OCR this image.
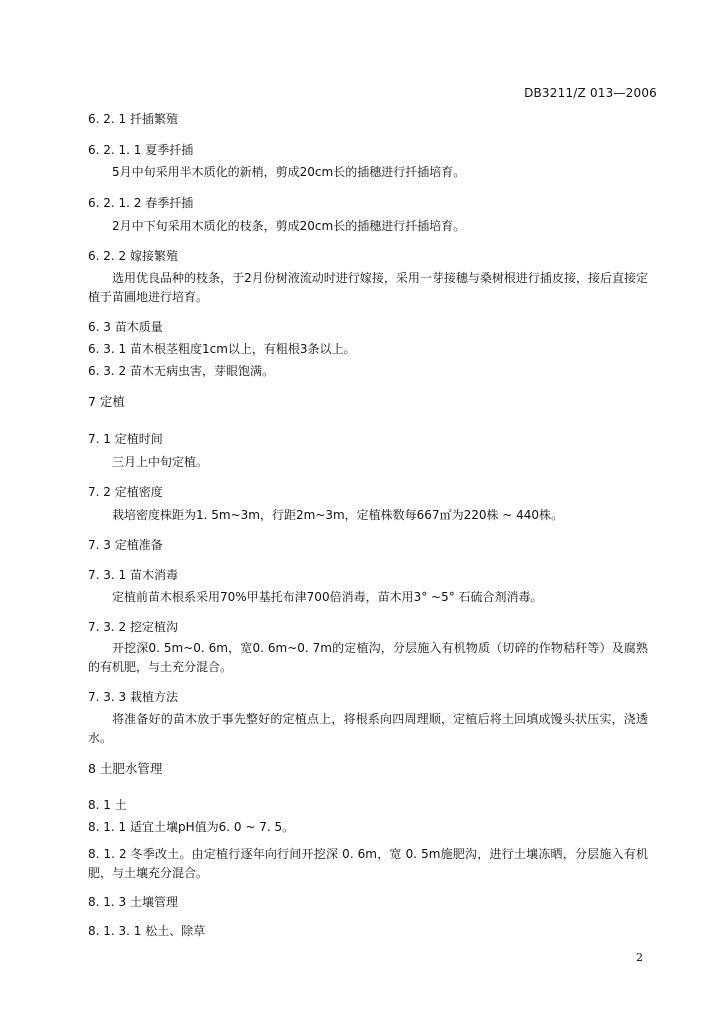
DB3211/Z 013—2006
6. 2. 1 扦插繁殖
6. 2. 1. 1 夏季扦插
5月中旬采用半木质化的新梢，剪成20cm长的插穗进行扦插培育。
6. 2. 1. 2 春季扦插
2月中下旬采用木质化的枝条，剪成20cm长的插穗进行扦插培育。
6. 2. 2 嫁接繁殖
选用优良品种的枝条，于2月份树液流动时进行嫁接，采用一芽接穗与桑树根进行插皮接，接后直接定植于苗圃地进行培育。
6. 3 苗木质量
6. 3. 1 苗木根茎粗度1cm以上，有粗根3条以上。
6. 3. 2 苗木无病虫害，芽眼饱满。
7 定植
7. 1 定植时间
三月上中旬定植。
7. 2 定植密度
栽培密度株距为1. 5m~3m，行距2m~3m，定植株数每667㎡为220株 ~ 440株。
7. 3 定植准备
7. 3. 1 苗木消毒
定植前苗木根系采用70%甲基托布津700倍消毒，苗木用3° ~5° 石硫合剂消毒。
7. 3. 2 挖定植沟
开挖深0. 5m~0. 6m，宽0. 6m~0. 7m的定植沟，分层施入有机物质（切碎的作物秸秆等）及腐熟的有机肥，与土充分混合。
7. 3. 3 栽植方法
将准备好的苗木放于事先整好的定植点上，将根系向四周理顺，定植后将土回填成馒头状压实，浇透水。
8 土肥水管理
8. 1 土
8. 1. 1 适宜土壤pH值为6. 0 ~ 7. 5。
8. 1. 2 冬季改土。由定植行逐年向行间开挖深 0. 6m，宽 0. 5m施肥沟，进行土壤冻晒，分层施入有机肥，与土壤充分混合。
8. 1. 3 土壤管理
8. 1. 3. 1 松土、除草
2
